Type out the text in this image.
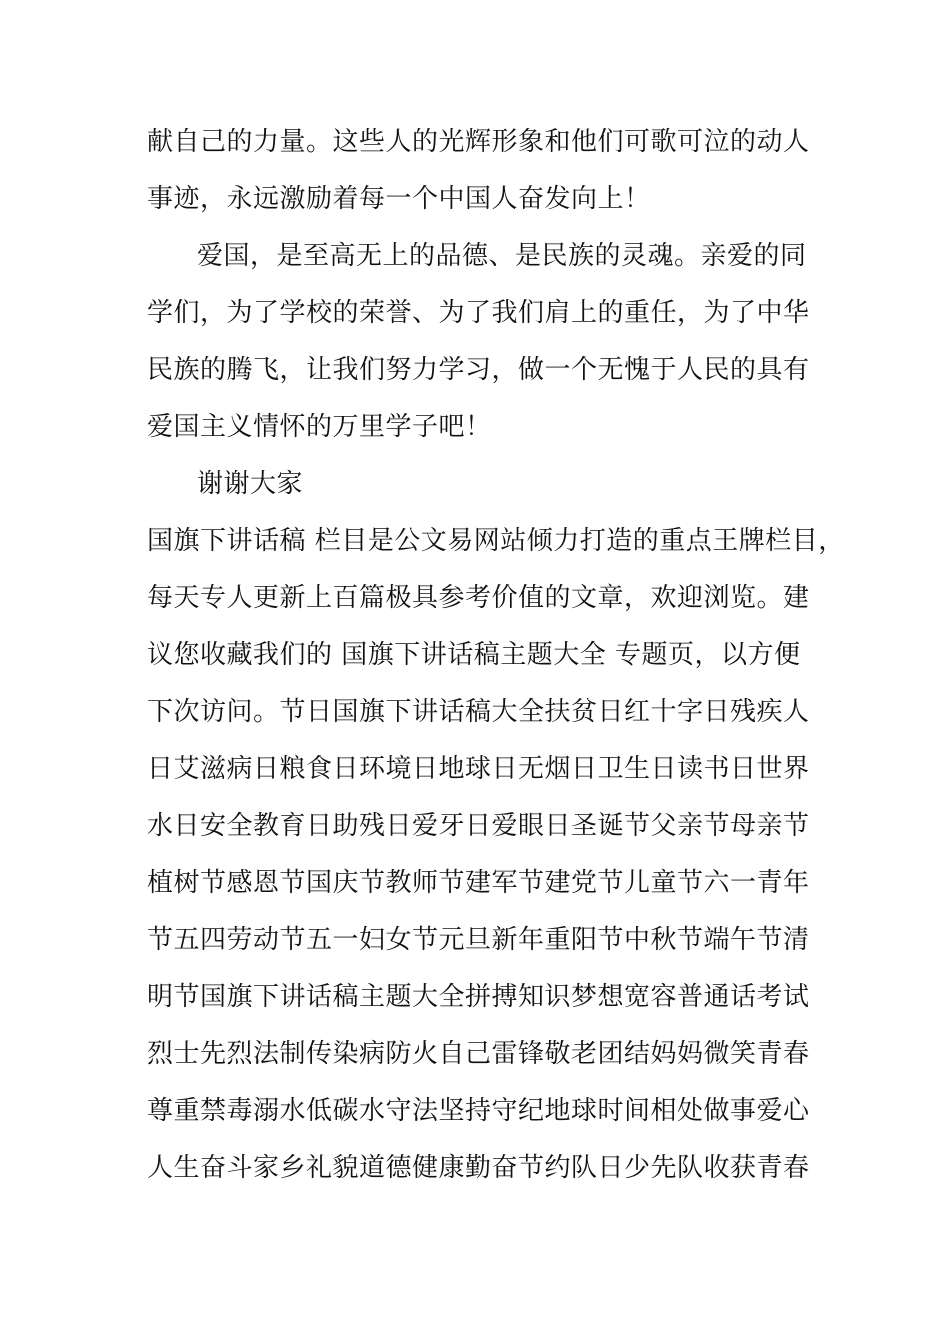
献自己的力量。这些人的光辉形象和他们可歌可泣的动人
事迹，永远激励着每一个中国人奋发向上！
爱国，是至高无上的品德、是民族的灵魂。亲爱的同
学们，为了学校的荣誉、为了我们肩上的重任，为了中华
民族的腾飞，让我们努力学习，做一个无愧于人民的具有
爱国主义情怀的万里学子吧！
谢谢大家
国旗下讲话稿 栏目是公文易网站倾力打造的重点王牌栏目，
每天专人更新上百篇极具参考价值的文章，欢迎浏览。建
议您收藏我们的 国旗下讲话稿主题大全 专题页，以方便
下次访问。节日国旗下讲话稿大全扶贫日红十字日残疾人
日艾滋病日粮食日环境日地球日无烟日卫生日读书日世界
水日安全教育日助残日爱牙日爱眼日圣诞节父亲节母亲节
植树节感恩节国庆节教师节建军节建党节儿童节六一青年
节五四劳动节五一妇女节元旦新年重阳节中秋节端午节清
明节国旗下讲话稿主题大全拼搏知识梦想宽容普通话考试
烈士先烈法制传染病防火自己雷锋敬老团结妈妈微笑青春
尊重禁毒溺水低碳水守法坚持守纪地球时间相处做事爱心
人生奋斗家乡礼貌道德健康勤奋节约队日少先队收获青春
